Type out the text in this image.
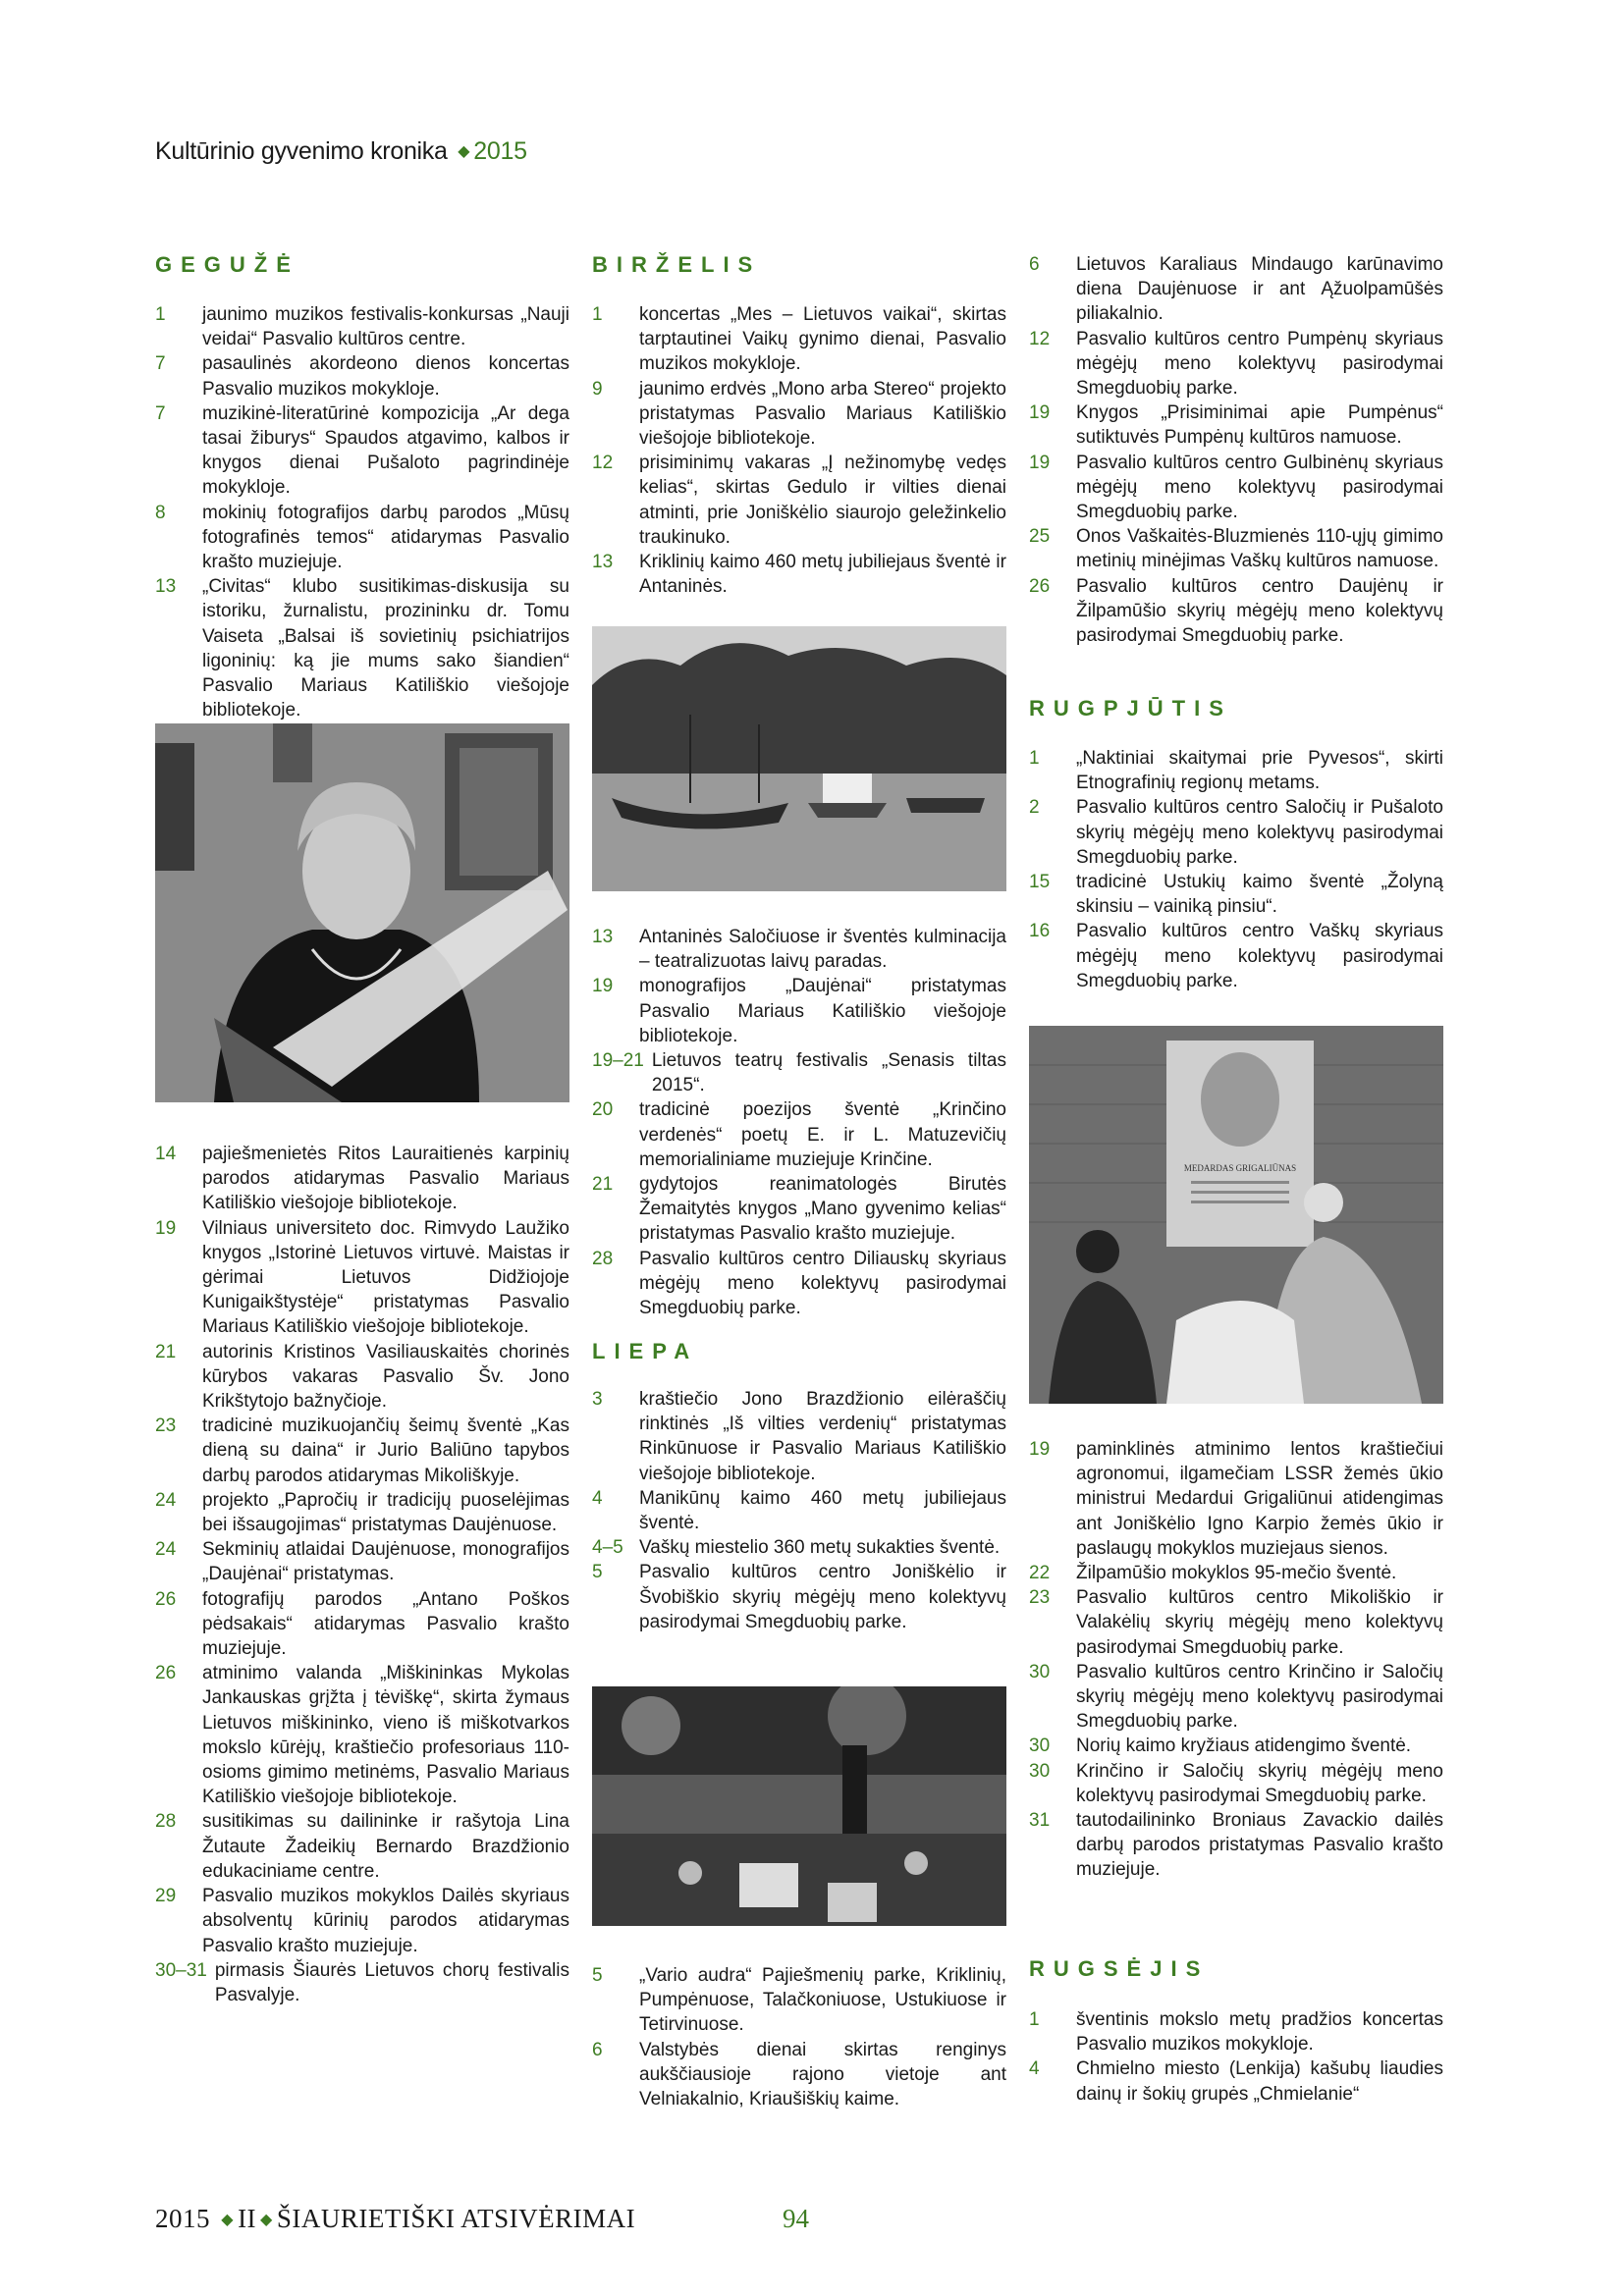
Kultūrinio gyvenimo kronika ◆ 2015
GEGUŽĖ
1	jaunimo muzikos festivalis-konkursas „Nauji veidai“ Pasvalio kultūros centre.
7	pasaulinės akordeono dienos koncertas Pasvalio muzikos mokykloje.
7	muzikinė-literatūrinė kompozicija „Ar dega tasai žiburys“ Spaudos atgavimo, kalbos ir knygos dienai Pušaloto pagrindinėje mokykloje.
8	mokinių fotografijos darbų parodos „Mūsų fotografinės temos“ atidarymas Pasvalio krašto muziejuje.
13	„Civitas“ klubo susitikimas-diskusija su istoriku, žurnalistu, prozininku dr. Tomu Vaiseta „Balsai iš sovietinių psichiatrijos ligoninių: ką jie mums sako šiandien“ Pasvalio Mariaus Katiliškio viešojoje bibliotekoje.
14	pajiešmenietės Ritos Lauraitienės karpinių parodos atidarymas Pasvalio Mariaus Katiliškio viešojoje bibliotekoje.
19	Vilniaus universiteto doc. Rimvydo Laužiko knygos „Istorinė Lietuvos virtuvė. Maistas ir gėrimai Lietuvos Didžiojoje Kunigaikštystėje“ pristatymas Pasvalio Mariaus Katiliškio viešojoje bibliotekoje.
21	autorinis Kristinos Vasiliauskaitės chorinės kūrybos vakaras Pasvalio Šv. Jono Krikštytojo bažnyčioje.
23	tradicinė muzikuojančių šeimų šventė „Kas dieną su daina“ ir Jurio Baliūno tapybos darbų parodos atidarymas Mikoliškyje.
24	projekto „Papročių ir tradicijų puoselėjimas bei išsaugojimas“ pristatymas Daujėnuose.
24	Sekminių atlaidai Daujėnuose, monografijos „Daujėnai“ pristatymas.
26	fotografijų parodos „Antano Poškos pėdsakais“ atidarymas Pasvalio krašto muziejuje.
26	atminimo valanda „Miškininkas Mykolas Jankauskas grįžta į tėviškę“, skirta žymaus Lietuvos miškininko, vieno iš miškotvarkos mokslo kūrėjų, kraštiečio profesoriaus 110-osioms gimimo metinėms, Pasvalio Mariaus Katiliškio viešojoje bibliotekoje.
28	susitikimas su dailininke ir rašytoja Lina Žutaute Žadeikių Bernardo Brazdžionio edukaciniame centre.
29	Pasvalio muzikos mokyklos Dailės skyriaus absolventų kūrinių parodos atidarymas Pasvalio krašto muziejuje.
30–31 pirmasis Šiaurės Lietuvos chorų festivalis Pasvalyje.
BIRŽELIS
1	koncertas „Mes – Lietuvos vaikai“, skirtas tarptautinei Vaikų gynimo dienai, Pasvalio muzikos mokykloje.
9	jaunimo erdvės „Mono arba Stereo“ projekto pristatymas Pasvalio Mariaus Katiliškio viešojoje bibliotekoje.
12	prisiminimų vakaras „Į nežinomybę vedęs kelias“, skirtas Gedulo ir vilties dienai atminti, prie Joniškėlio siaurojo geležinkelio traukinuko.
13	Kriklinių kaimo 460 metų jubiliejaus šventė ir Antaninės.
13	Antaninės Saločiuose ir šventės kulminacija – teatralizuotas laivų paradas.
19	monografijos „Daujėnai“ pristatymas Pasvalio Mariaus Katiliškio viešojoje bibliotekoje.
19–21 Lietuvos teatrų festivalis „Senasis tiltas 2015“.
20	tradicinė poezijos šventė „Krinčino verdenės“ poetų E. ir L. Matuzevičių memorialiniame muziejuje Krinčine.
21	gydytojos reanimatologės Birutės Žemaitytės knygos „Mano gyvenimo kelias“ pristatymas Pasvalio krašto muziejuje.
28	Pasvalio kultūros centro Diliauskų skyriaus mėgėjų meno kolektyvų pasirodymai Smegduobių parke.
LIEPA
3	kraštiečio Jono Brazdžionio eilėraščių rinktinės „Iš vilties verdenių“ pristatymas Rinkūnuose ir Pasvalio Mariaus Katiliškio viešojoje bibliotekoje.
4	Manikūnų kaimo 460 metų jubiliejaus šventė.
4–5 Vaškų miestelio 360 metų sukakties šventė.
5	Pasvalio kultūros centro Joniškėlio ir Švobiškio skyrių mėgėjų meno kolektyvų pasirodymai Smegduobių parke.
5	„Vario audra“ Pajiešmenių parke, Kriklinių, Pumpėnuose, Talačkoniuose, Ustukiuose ir Tetirvinuose.
6	Valstybės dienai skirtas renginys aukščiausioje rajono vietoje ant Velniakalnio, Kriaušiškių kaime.
6	Lietuvos Karaliaus Mindaugo karūnavimo diena Daujėnuose ir ant Ąžuolpamūšės piliakalnio.
12	Pasvalio kultūros centro Pumpėnų skyriaus mėgėjų meno kolektyvų pasirodymai Smegduobių parke.
19	Knygos „Prisiminimai apie Pumpėnus“ sutiktuvės Pumpėnų kultūros namuose.
19	Pasvalio kultūros centro Gulbinėnų skyriaus mėgėjų meno kolektyvų pasirodymai Smegduobių parke.
25	Onos Vaškaitės-Bluzmienės 110-ųjų gimimo metinių minėjimas Vaškų kultūros namuose.
26	Pasvalio kultūros centro Daujėnų ir Žilpamūšio skyrių mėgėjų meno kolektyvų pasirodymai Smegduobių parke.
RUGPJŪTIS
1	„Naktiniai skaitymai prie Pyvesos“, skirti Etnografinių regionų metams.
2	Pasvalio kultūros centro Saločių ir Pušaloto skyrių mėgėjų meno kolektyvų pasirodymai Smegduobių parke.
15	tradicinė Ustukių kaimo šventė „Žolyną skinsiu – vainiką pinsiu“.
16	Pasvalio kultūros centro Vaškų skyriaus mėgėjų meno kolektyvų pasirodymai Smegduobių parke.
MEDARDAS GRIGALIŪNAS
19	paminklinės atminimo lentos kraštiečiui agronomui, ilgamečiam LSSR žemės ūkio ministrui Medardui Grigaliūnui atidengimas ant Joniškėlio Igno Karpio žemės ūkio ir paslaugų mokyklos muziejaus sienos.
22	Žilpamūšio mokyklos 95-mečio šventė.
23	Pasvalio kultūros centro Mikoliškio ir Valakėlių skyrių mėgėjų meno kolektyvų pasirodymai Smegduobių parke.
30	Pasvalio kultūros centro Krinčino ir Saločių skyrių mėgėjų meno kolektyvų pasirodymai Smegduobių parke.
30	Norių kaimo kryžiaus atidengimo šventė.
30	Krinčino ir Saločių skyrių mėgėjų meno kolektyvų pasirodymai Smegduobių parke.
31	tautodailininko Broniaus Zavackio dailės darbų parodos pristatymas Pasvalio krašto muziejuje.
RUGSĖJIS
1	šventinis mokslo metų pradžios koncertas Pasvalio muzikos mokykloje.
4	Chmielno miesto (Lenkija) kašubų liaudies dainų ir šokių grupės „Chmielanie“
2015 ◆ II ◆ ŠIAURIETIŠKI ATSIVĖRIMAI	94
